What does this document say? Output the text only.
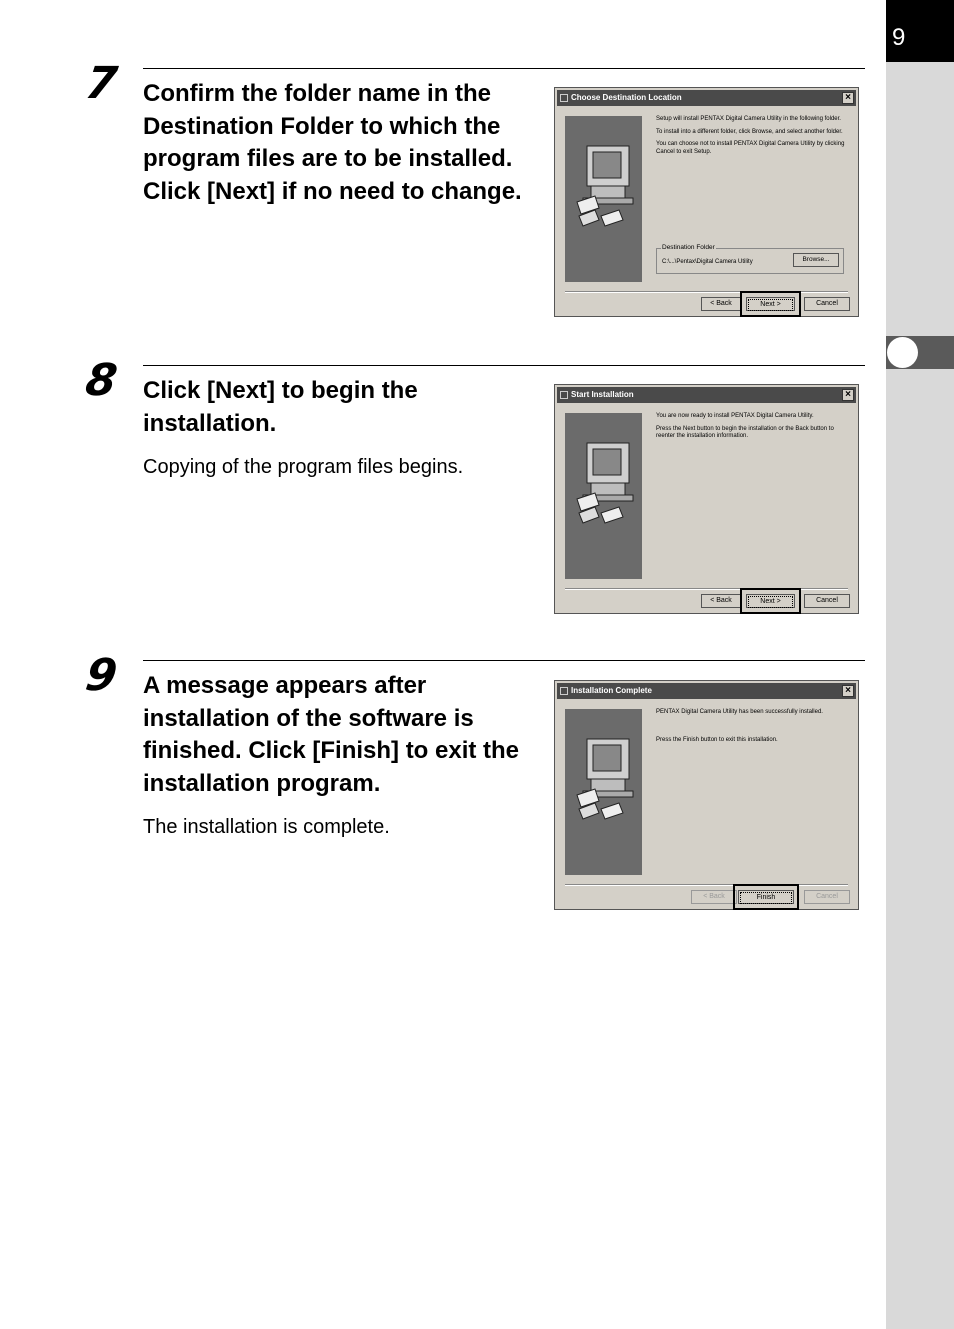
9
7 Confirm the folder name in the Destination Folder to which the program files are to be installed. Click [Next] if no need to change.
Choose Destination Location	×

Setup will install PENTAX Digital Camera Utility in the following folder.

To install into a different folder, click Browse, and select another folder.

You can choose not to install PENTAX Digital Camera Utility by clicking Cancel to exit Setup.

Destination Folder
C:\...\Pentax\Digital Camera Utility	Browse...
< Back	Next >	Cancel
8 Click [Next] to begin the installation.
Copying of the program files begins.
Start Installation	×

You are now ready to install PENTAX Digital Camera Utility.

Press the Next button to begin the installation or the Back button to reenter the installation information.

< Back	Next >	Cancel
9 A message appears after installation of the software is finished. Click [Finish] to exit the installation program.
The installation is complete.
Installation Complete	×

PENTAX Digital Camera Utility has been successfully installed.

Press the Finish button to exit this installation.

< Back	Finish	Cancel
